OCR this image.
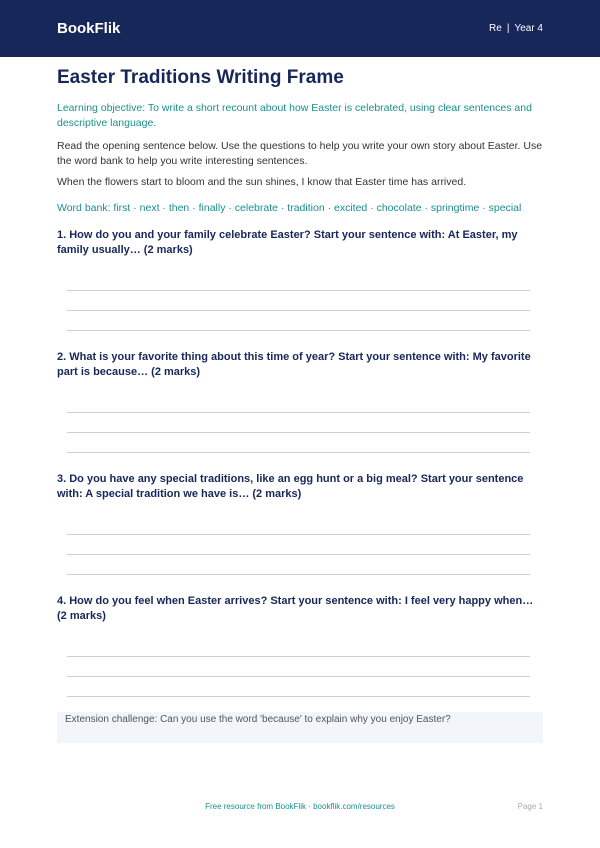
BookFlik	Re | Year 4
Easter Traditions Writing Frame

Learning objective: To write a short recount about how Easter is celebrated, using clear sentences and descriptive language.

Read the opening sentence below. Use the questions to help you write your own story about Easter. Use the word bank to help you write interesting sentences.

When the flowers start to bloom and the sun shines, I know that Easter time has arrived.

Word bank: first · next · then · finally · celebrate · tradition · excited · chocolate · springtime · special

1. How do you and your family celebrate Easter? Start your sentence with: At Easter, my family usually… (2 marks)
2. What is your favorite thing about this time of year? Start your sentence with: My favorite part is because… (2 marks)
3. Do you have any special traditions, like an egg hunt or a big meal? Start your sentence with: A special tradition we have is… (2 marks)
4. How do you feel when Easter arrives? Start your sentence with: I feel very happy when… (2 marks)
Extension challenge: Can you use the word 'because' to explain why you enjoy Easter?
Free resource from BookFlik · bookflik.com/resources	Page 1
